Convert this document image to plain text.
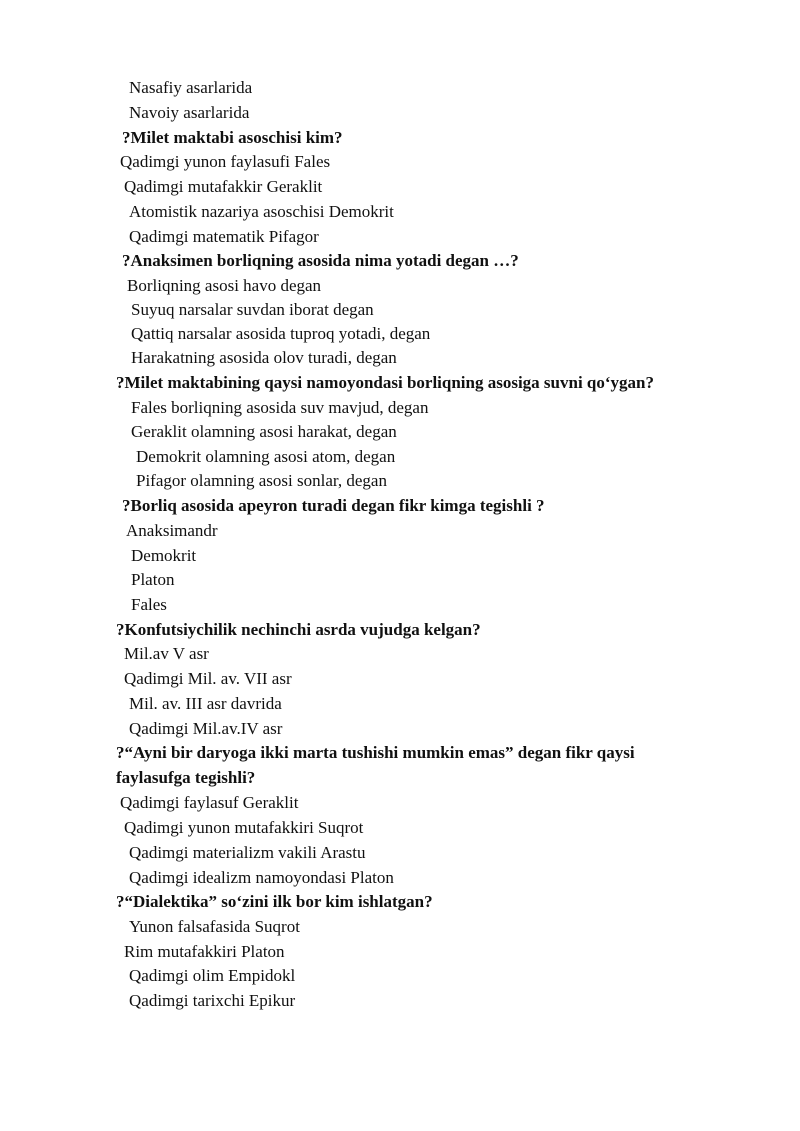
Nasafiy asarlarida
Navoiy asarlarida
?Milet maktabi asoschisi kim?
Qadimgi yunon faylasufi Fales
Qadimgi mutafakkir Geraklit
Atomistik nazariya asoschisi Demokrit
Qadimgi matematik Pifagor
?Anaksimen borliqning asosida nima yotadi degan …?
Borliqning asosi havo degan
Suyuq narsalar suvdan iborat degan
Qattiq narsalar asosida tuproq yotadi, degan
Harakatning asosida olov turadi, degan
?Milet maktabining qaysi namoyondasi borliqning asosiga suvni qo‘ygan?
Fales borliqning asosida suv mavjud, degan
Geraklit olamning asosi harakat, degan
Demokrit olamning asosi atom, degan
Pifagor olamning asosi sonlar, degan
?Borliq asosida apeyron turadi degan fikr kimga tegishli ?
Anaksimandr
Demokrit
Platon
Fales
?Konfutsiychilik nechinchi asrda vujudga kelgan?
Mil.av V asr
Qadimgi Mil. av. VII asr
Mil. av. III asr davrida
Qadimgi Mil.av.IV asr
?“Ayni bir daryoga ikki marta tushishi mumkin emas” degan fikr qaysi
faylasufga tegishli?
Qadimgi faylasuf Geraklit
Qadimgi yunon mutafakkiri Suqrot
Qadimgi materializm vakili Arastu
Qadimgi idealizm namoyondasi Platon
?“Dialektika” so‘zini ilk bor kim ishlatgan?
Yunon falsafasida Suqrot
Rim mutafakkiri Platon
Qadimgi olim Empidokl
Qadimgi tarixchi Epikur
